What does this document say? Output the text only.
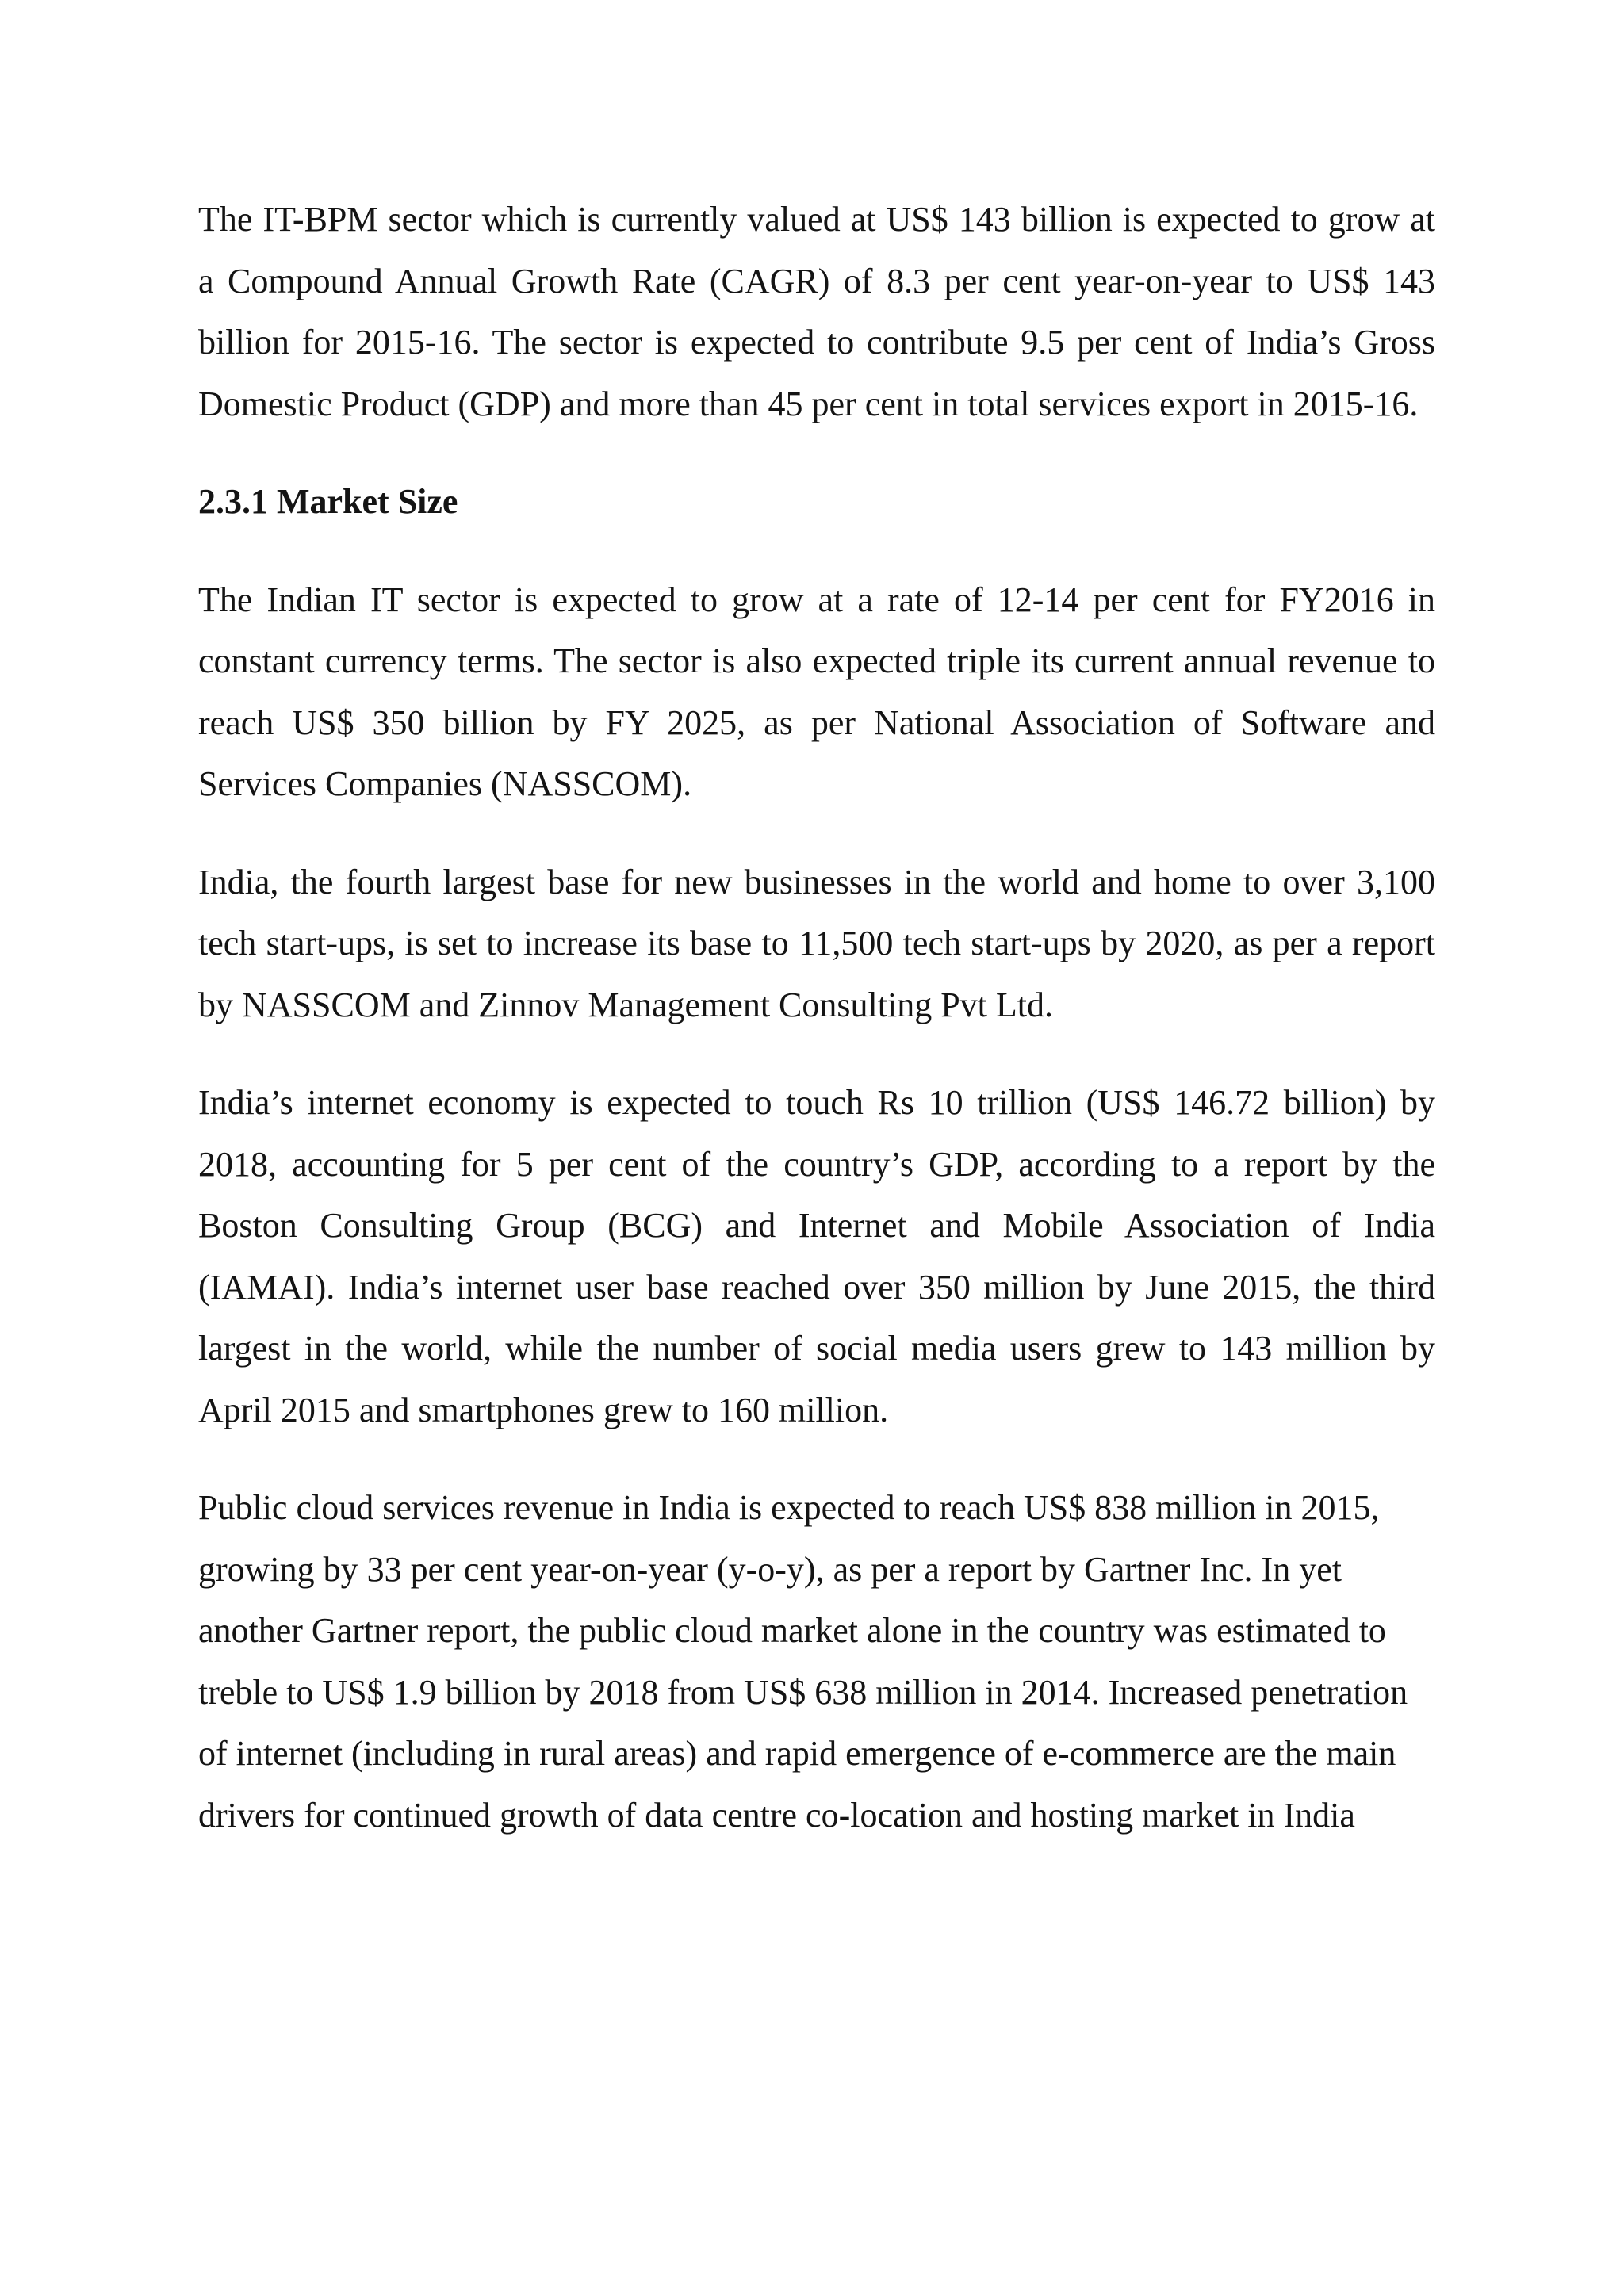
The IT-BPM sector which is currently valued at US$ 143 billion is expected to grow at a Compound Annual Growth Rate (CAGR) of 8.3 per cent year-on-year to US$ 143 billion for 2015-16. The sector is expected to contribute 9.5 per cent of India’s Gross Domestic Product (GDP) and more than 45 per cent in total services export in 2015-16.

2.3.1 Market Size

The Indian IT sector is expected to grow at a rate of 12-14 per cent for FY2016 in constant currency terms. The sector is also expected triple its current annual revenue to reach US$ 350 billion by FY 2025, as per National Association of Software and Services Companies (NASSCOM).

India, the fourth largest base for new businesses in the world and home to over 3,100 tech start-ups, is set to increase its base to 11,500 tech start-ups by 2020, as per a report by NASSCOM and Zinnov Management Consulting Pvt Ltd.

India’s internet economy is expected to touch Rs 10 trillion (US$ 146.72 billion) by 2018, accounting for 5 per cent of the country’s GDP, according to a report by the Boston Consulting Group (BCG) and Internet and Mobile Association of India (IAMAI). India’s internet user base reached over 350 million by June 2015, the third largest in the world, while the number of social media users grew to 143 million by April 2015 and smartphones grew to 160 million.

Public cloud services revenue in India is expected to reach US$ 838 million in 2015, growing by 33 per cent year-on-year (y-o-y), as per a report by Gartner Inc. In yet another Gartner report, the public cloud market alone in the country was estimated to treble to US$ 1.9 billion by 2018 from US$ 638 million in 2014. Increased penetration of internet (including in rural areas) and rapid emergence of e-commerce are the main drivers for continued growth of data centre co-location and hosting market in India
